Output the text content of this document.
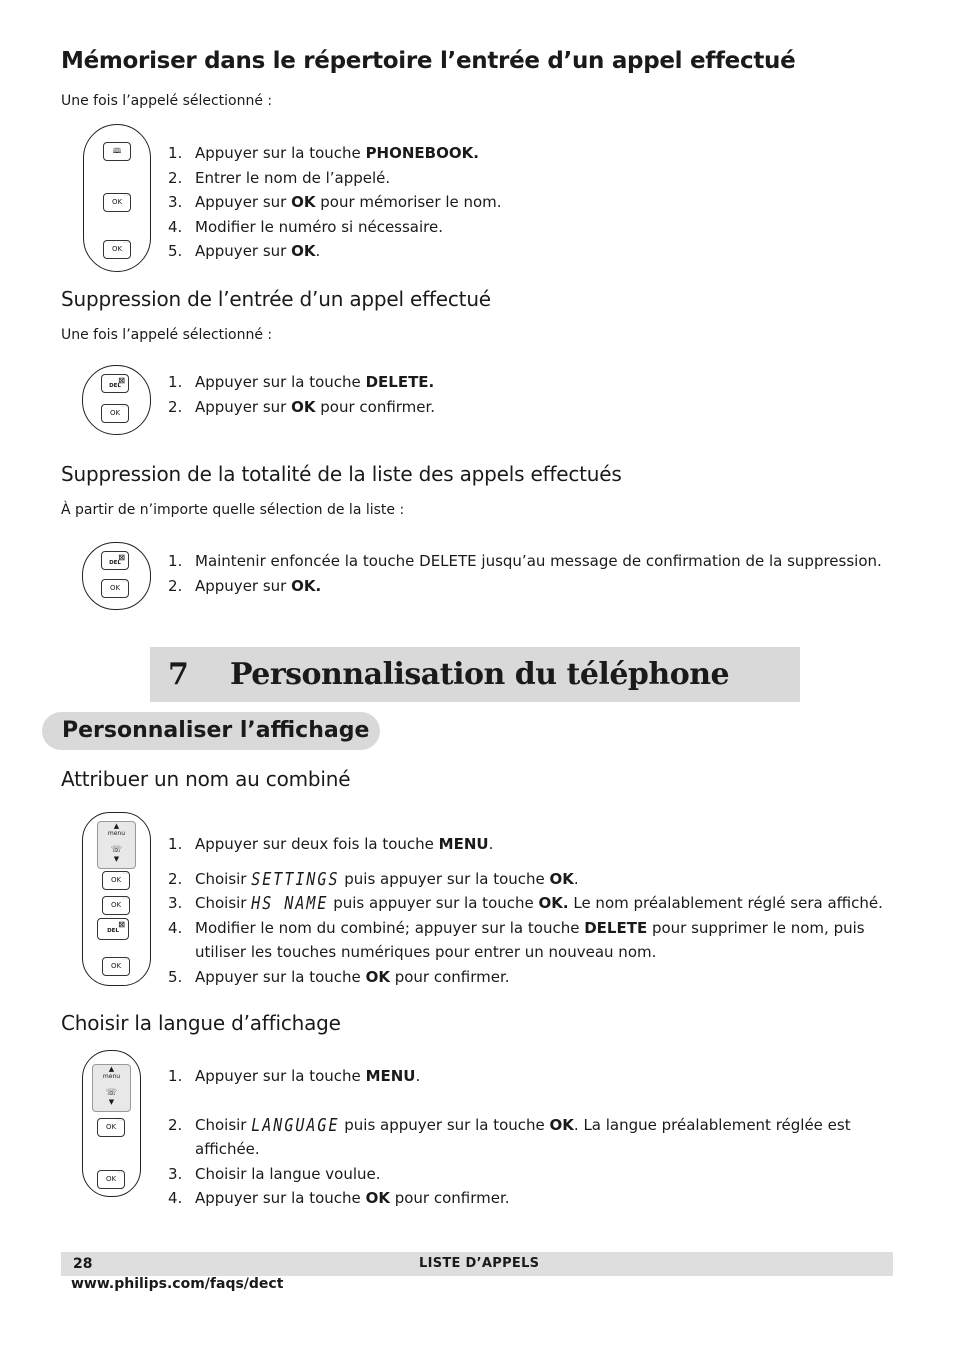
Mémoriser dans le répertoire l’entrée d’un appel effectué

Une fois l’appelé sélectionné :

🕮
OK
◦◦
OK
◦◦
1. Appuyer sur la touche PHONEBOOK.
2. Entrer le nom de l’appelé.
3. Appuyer sur OK pour mémoriser le nom.
4. Modifier le numéro si nécessaire.
5. Appuyer sur OK.
Suppression de l’entrée d’un appel effectué

Une fois l’appelé sélectionné :

DEL
⊠
OK
◦◦
1. Appuyer sur la touche DELETE.
2. Appuyer sur OK pour confirmer.
Suppression de la totalité de la liste des appels effectués

À partir de n’importe quelle sélection de la liste :

DEL
⊠
OK
◦◦
1. Maintenir enfoncée la touche DELETE jusqu’au message de confirmation de la suppression.
2. Appuyer sur OK.
7 Personnalisation du téléphone
Personnaliser l’affichage
Attribuer un nom au combiné
▲
menu
☏
▼
OK
◦◦
OK
◦◦
DEL
⊠
OK
◦◦
1. Appuyer sur deux fois la touche MENU.
2. Choisir SETTINGS puis appuyer sur la touche OK.
3. Choisir HS NAME puis appuyer sur la touche OK. Le nom préalablement réglé sera affiché.
4. Modifier le nom du combiné; appuyer sur la touche DELETE pour supprimer le nom, puis
utiliser les touches numériques pour entrer un nouveau nom.
5. Appuyer sur la touche OK pour confirmer.
Choisir la langue d’affichage
▲
menu
☏
▼
OK
◦◦
OK
◦◦
1. Appuyer sur la touche MENU.
2. Choisir LANGUAGE puis appuyer sur la touche OK. La langue préalablement réglée est affichée.
3. Choisir la langue voulue.
4. Appuyer sur la touche OK pour confirmer.
28	LISTE D’APPELS
www.philips.com/faqs/dect
